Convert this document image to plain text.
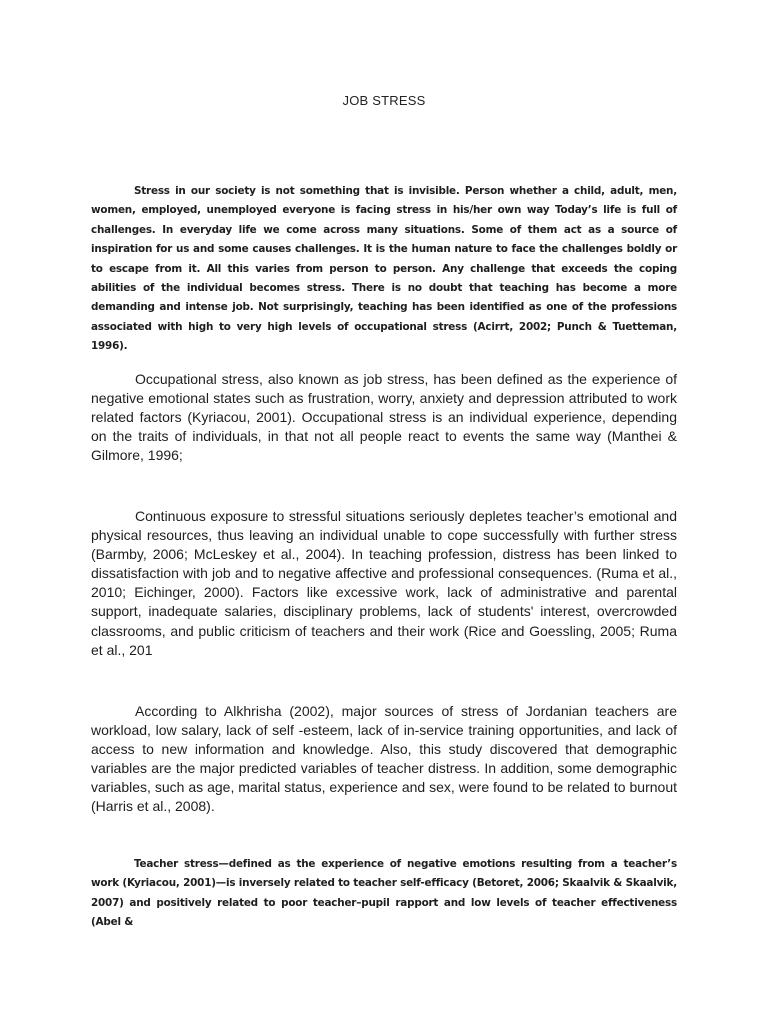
JOB STRESS

Stress in our society is not something that is invisible. Person whether a child, adult, men, women, employed, unemployed everyone is facing stress in his/her own way Today’s life is full of challenges. In everyday life we come across many situations. Some of them act as a source of inspiration for us and some causes challenges. It is the human nature to face the challenges boldly or to escape from it. All this varies from person to person. Any challenge that exceeds the coping abilities of the individual becomes stress. There is no doubt that teaching has become a more demanding and intense job. Not surprisingly, teaching has been identified as one of the professions associated with high to very high levels of occupational stress (Acirrt, 2002; Punch & Tuetteman, 1996).

Occupational stress, also known as job stress, has been defined as the experience of negative emotional states such as frustration, worry, anxiety and depression attributed to work related factors (Kyriacou, 2001). Occupational stress is an individual experience, depending on the traits of individuals, in that not all people react to events the same way (Manthei & Gilmore, 1996;

Continuous exposure to stressful situations seriously depletes teacher’s emotional and physical resources, thus leaving an individual unable to cope successfully with further stress (Barmby, 2006; McLeskey et al., 2004). In teaching profession, distress has been linked to dissatisfaction with job and to negative affective and professional consequences. (Ruma et al., 2010; Eichinger, 2000). Factors like excessive work, lack of administrative and parental support, inadequate salaries, disciplinary problems, lack of students' interest, overcrowded classrooms, and public criticism of teachers and their work (Rice and Goessling, 2005; Ruma et al., 201

According to Alkhrisha (2002), major sources of stress of Jordanian teachers are workload, low salary, lack of self -esteem, lack of in-service training opportunities, and lack of access to new information and knowledge. Also, this study discovered that demographic variables are the major predicted variables of teacher distress. In addition, some demographic variables, such as age, marital status, experience and sex, were found to be related to burnout (Harris et al., 2008).

Teacher stress—defined as the experience of negative emotions resulting from a teacher’s work (Kyriacou, 2001)—is inversely related to teacher self-efficacy (Betoret, 2006; Skaalvik & Skaalvik, 2007) and positively related to poor teacher–pupil rapport and low levels of teacher effectiveness (Abel &
